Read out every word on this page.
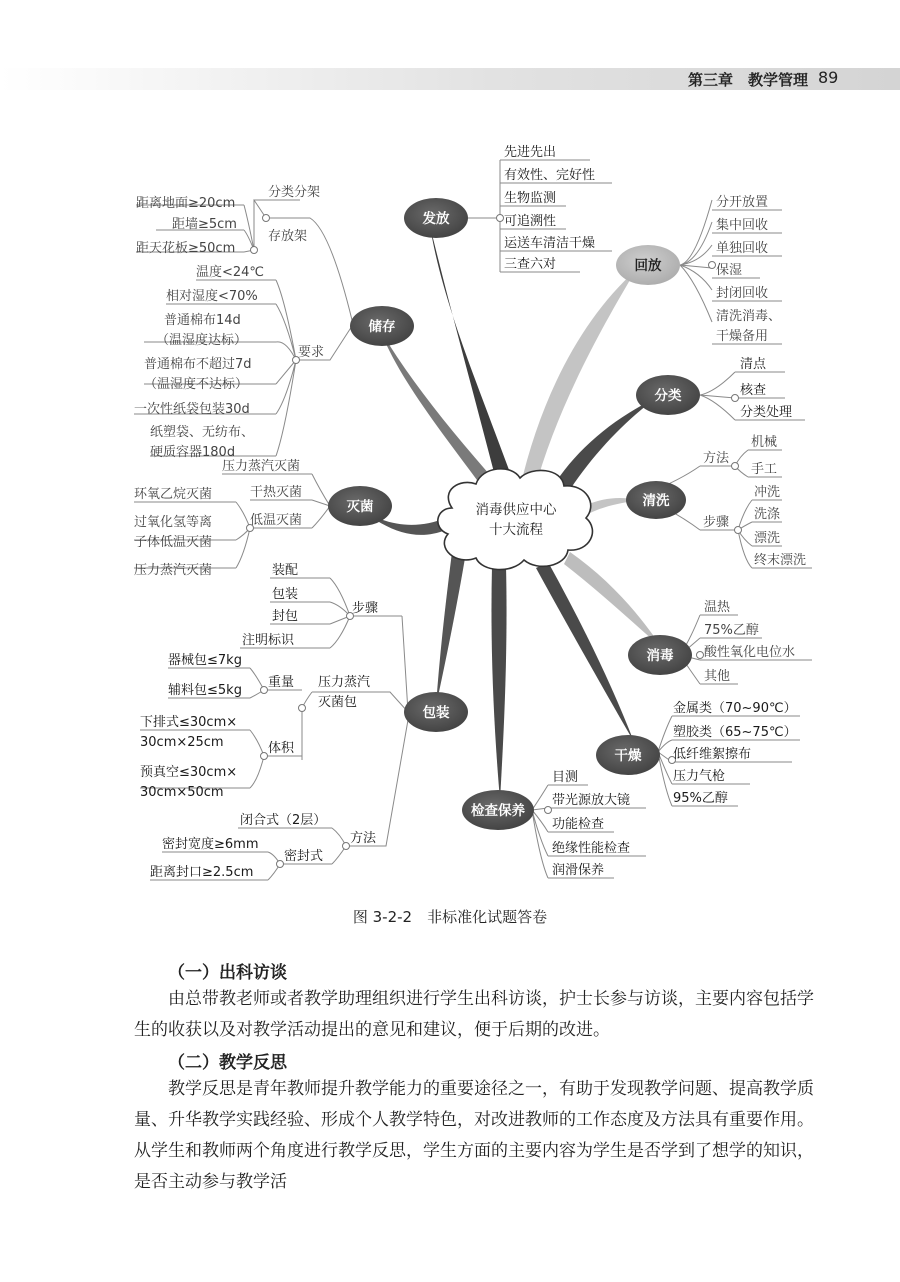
第三章　教学管理 89
消毒供应中心
十大流程
发放
回放
分类
清洗
消毒
干燥
检查保养
包装
灭菌
储存
先进先出
有效性、完好性
生物监测
可追溯性
运送车清洁干燥
三查六对
分开放置
集中回收
单独回收
保湿
封闭回收
清洗消毒、
干燥备用
清点
核查
分类处理
方法
机械
手工
步骤
冲洗
洗涤
漂洗
终末漂洗
温热
75%乙醇
酸性氧化电位水
其他
金属类（70~90℃）
塑胶类（65~75℃）
低纤维絮擦布
压力气枪
95%乙醇
目测
带光源放大镜
功能检查
绝缘性能检查
润滑保养
步骤
装配
包装
封包
注明标识
压力蒸汽
灭菌包
重量
器械包≤7kg
辅料包≤5kg
体积
下排式≤30cm×
30cm×25cm
预真空≤30cm×
30cm×50cm
方法
闭合式（2层）
密封式
密封宽度≥6mm
距离封口≥2.5cm
压力蒸汽灭菌
干热灭菌
低温灭菌
环氧乙烷灭菌
过氧化氢等离
子体低温灭菌
压力蒸汽灭菌
分类分架
存放架
距离地面≥20cm
距墙≥5cm
距天花板≥50cm
要求
温度<24℃
相对湿度<70%
普通棉布14d
（温湿度达标）
普通棉布不超过7d
（温湿度不达标）
一次性纸袋包装30d
纸塑袋、无纺布、
硬质容器180d
图 3-2-2　非标准化试题答卷
（一）出科访谈

由总带教老师或者教学助理组织进行学生出科访谈，护士长参与访谈，主要内容包括学生的收获以及对教学活动提出的意见和建议，便于后期的改进。

（二）教学反思

教学反思是青年教师提升教学能力的重要途径之一，有助于发现教学问题、提高教学质量、升华教学实践经验、形成个人教学特色，对改进教师的工作态度及方法具有重要作用。从学生和教师两个角度进行教学反思，学生方面的主要内容为学生是否学到了想学的知识，是否主动参与教学活
